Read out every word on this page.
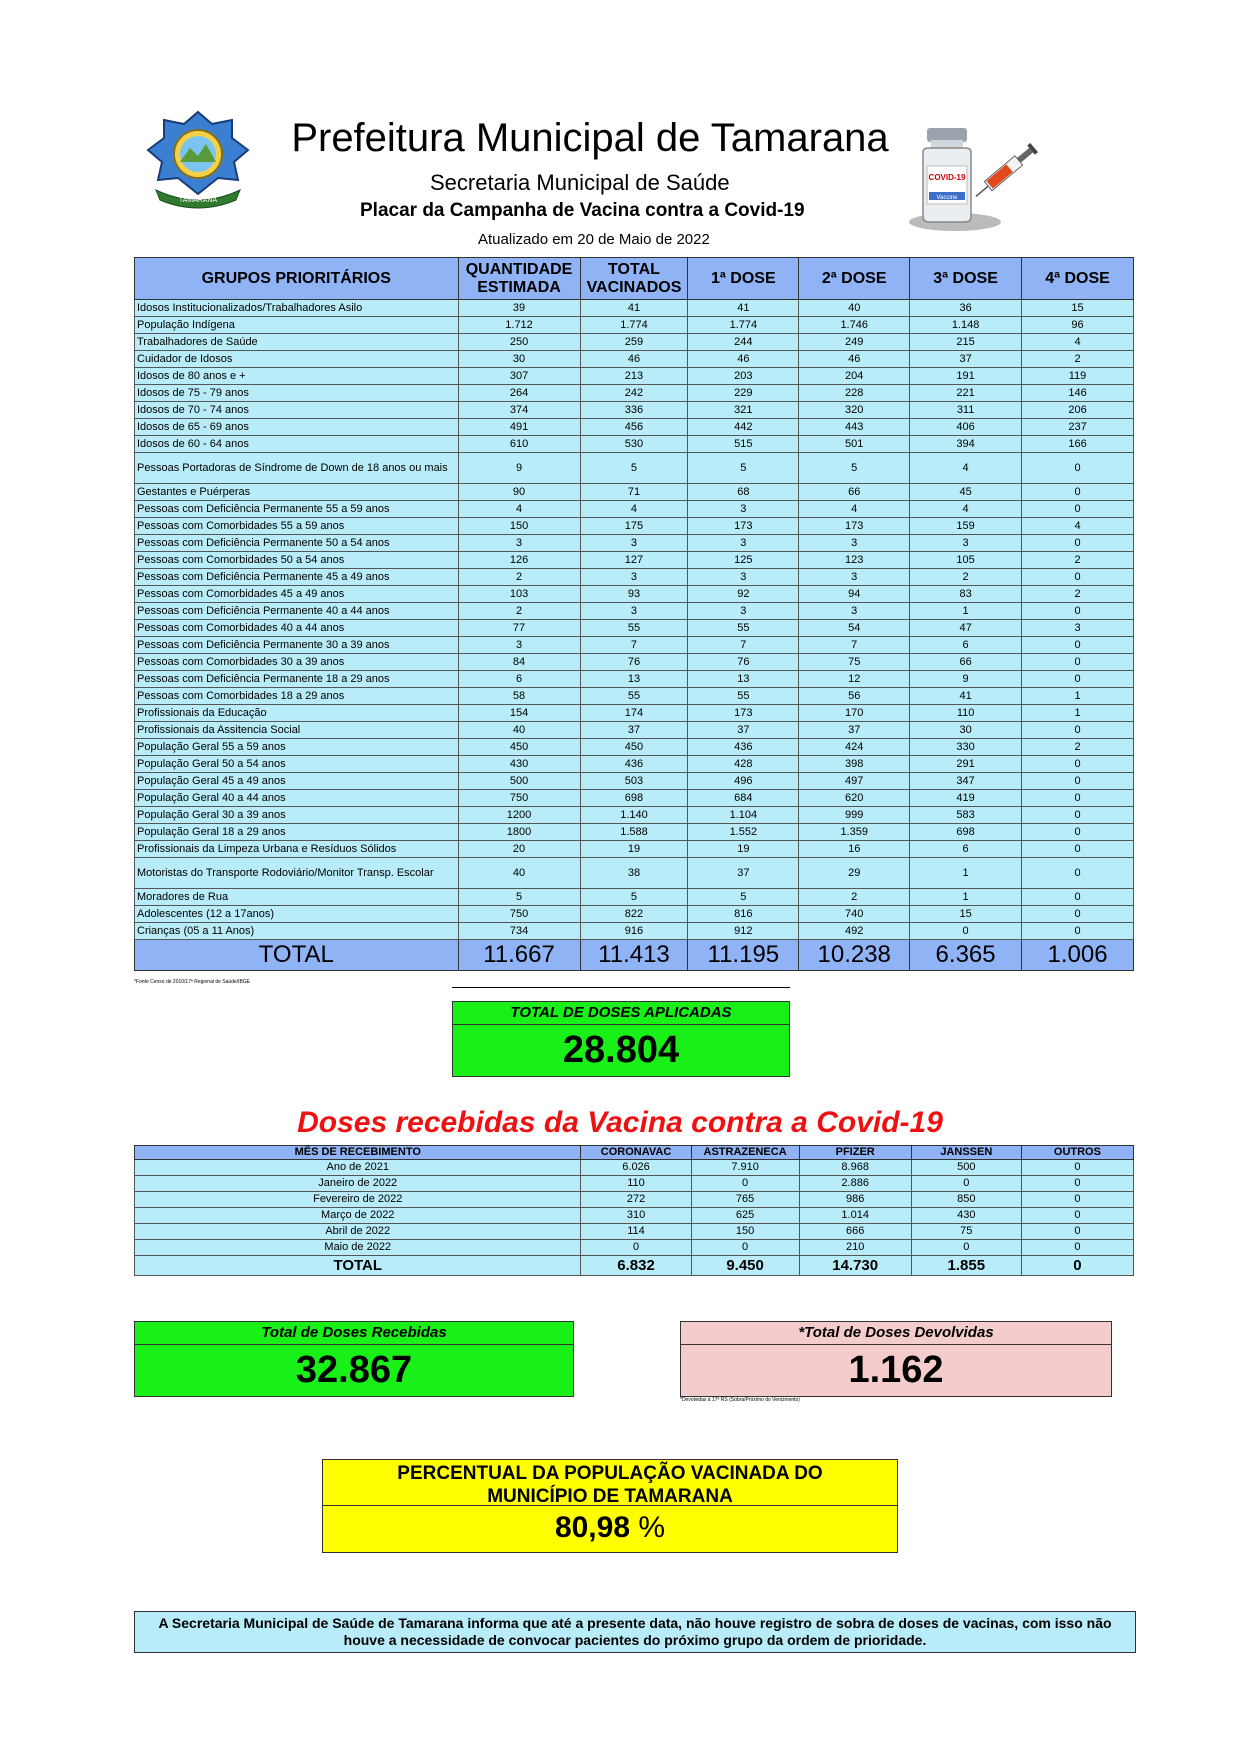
TAMARANA
Prefeitura Municipal de Tamarana
Secretaria Municipal de Saúde
Placar da Campanha de Vacina contra a Covid-19
Atualizado em 20 de Maio de 2022
COVID-19
Vaccine
GRUPOS PRIORITÁRIOS	QUANTIDADE ESTIMADA	TOTAL VACINADOS	1ª DOSE	2ª DOSE	3ª DOSE	4ª DOSE
Idosos Institucionalizados/Trabalhadores Asilo	39	41	41	40	36	15
População Indígena	1.712	1.774	1.774	1.746	1.148	96
Trabalhadores de Saúde	250	259	244	249	215	4
Cuidador de Idosos	30	46	46	46	37	2
Idosos de 80 anos e +	307	213	203	204	191	119
Idosos de 75 - 79 anos	264	242	229	228	221	146
Idosos de 70 - 74 anos	374	336	321	320	311	206
Idosos de 65 - 69 anos	491	456	442	443	406	237
Idosos de 60 - 64 anos	610	530	515	501	394	166
Pessoas Portadoras de Síndrome de Down de 18 anos ou mais	9	5	5	5	4	0
Gestantes e Puérperas	90	71	68	66	45	0
Pessoas com Deficiência Permanente 55 a 59 anos	4	4	3	4	4	0
Pessoas com Comorbidades 55 a 59 anos	150	175	173	173	159	4
Pessoas com Deficiência Permanente 50 a 54 anos	3	3	3	3	3	0
Pessoas com Comorbidades 50 a 54 anos	126	127	125	123	105	2
Pessoas com Deficiência Permanente 45 a 49 anos	2	3	3	3	2	0
Pessoas com Comorbidades 45 a 49 anos	103	93	92	94	83	2
Pessoas com Deficiência Permanente 40 a 44 anos	2	3	3	3	1	0
Pessoas com Comorbidades 40 a 44 anos	77	55	55	54	47	3
Pessoas com Deficiência Permanente 30 a 39 anos	3	7	7	7	6	0
Pessoas com Comorbidades 30 a 39 anos	84	76	76	75	66	0
Pessoas com Deficiência Permanente 18 a 29 anos	6	13	13	12	9	0
Pessoas com Comorbidades 18 a 29 anos	58	55	55	56	41	1
Profissionais da Educação	154	174	173	170	110	1
Profissionais da Assitencia Social	40	37	37	37	30	0
População Geral 55 a 59 anos	450	450	436	424	330	2
População Geral 50 a 54 anos	430	436	428	398	291	0
População Geral 45 a 49 anos	500	503	496	497	347	0
População Geral 40 a 44 anos	750	698	684	620	419	0
População Geral 30 a 39 anos	1200	1.140	1.104	999	583	0
População Geral 18 a 29 anos	1800	1.588	1.552	1.359	698	0
Profissionais da Limpeza Urbana e Resíduos Sólidos	20	19	19	16	6	0
Motoristas do Transporte Rodoviário/Monitor Transp. Escolar	40	38	37	29	1	0
Moradores de Rua	5	5	5	2	1	0
Adolescentes (12 a 17anos)	750	822	816	740	15	0
Crianças (05 a 11 Anos)	734	916	912	492	0	0
TOTAL	11.667	11.413	11.195	10.238	6.365	1.006
*Fonte Censo de 2010/17ª Regional de Saúde/IBGE
TOTAL DE DOSES APLICADAS
28.804
Doses recebidas da Vacina contra a Covid-19
MÊS DE RECEBIMENTO	CORONAVAC	ASTRAZENECA	PFIZER	JANSSEN	OUTROS
Ano de 2021	6.026	7.910	8.968	500	0
Janeiro de 2022	110	0	2.886	0	0
Fevereiro de 2022	272	765	986	850	0
Março de 2022	310	625	1.014	430	0
Abril de 2022	114	150	666	75	0
Maio de 2022	0	0	210	0	0
TOTAL	6.832	9.450	14.730	1.855	0
Total de Doses Recebidas
32.867
*Total de Doses Devolvidas
1.162
*Devolvidas à 17ª RS (Sobra/Próximo do Vencimento)
PERCENTUAL DA POPULAÇÃO VACINADA DO MUNICÍPIO DE TAMARANA
80,98 %
A Secretaria Municipal de Saúde de Tamarana informa que até a presente data, não houve registro de sobra de doses de vacinas, com isso não houve a necessidade de convocar pacientes do próximo grupo da ordem de prioridade.
